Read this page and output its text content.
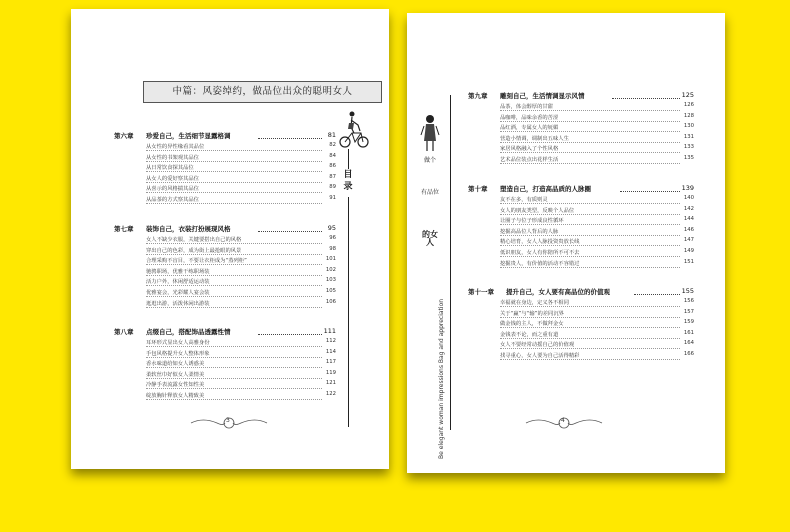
中篇：风姿绰约，做品位出众的聪明女人
第六章 珍爱自己，生活细节显露格调	81
从女性的异性缘看其品位	82
从女性的书架观其品位	84
从日常饮食探其品位	86
从女人的爱好察其品位	87
从喜示的风格揣其品位	89
从品茶的方式察其品位	91
第七章 装饰自己，衣装打扮展现风格	95
女人不缺少衣服，关键要搭出自己的风格	96
穿出自己的色彩，成为街上最抢眼的风景	98
合理采购不盲目，不要让衣柜成为“蒸列柜”	101
驰骋职场，优雅干练职场装	102
活力户外，休闲舒适运动装	103
优雅宴会，光彩耀人宴会装	105
逛逛出游，活泼休闲出游装	106
第八章 点缀自己，搭配饰品透露性情	111
耳环形式显出女人高雅身份	112
手包风格提升女人整体形象	114
香水味道给如女人诱惑美	117
柔软丝巾好似女人柔情美	119
冷静手表流露女性知性美	121
绽放胸针释放女人精致美	122
目录
3
做个
有品位
的女人
Be elegant woman impressions Bag and appreciation
第九章 雕刻自己，生活情调显示风情	125
品茶，体会醇厚的甘甜	126
品咖啡，品味余香的苦涩	128
品红酒，专属女人的妩媚	130
营造小情调，调制出五味人生	131
家居风格融入了个性风格	133
艺术品位装点出花样生活	135
第十章 塑造自己，打造高品质的人脉圈	139
友不在多，有质则灵	140
女人的朋友类型，反映个人品位	142
让圈子与位子形成良性循环	144
挖掘高品位人背后的人脉	146
精心培育，女人人脉投资贵放长线	147
低识朋友，女人有你陪所不可不去	149
挖掘贵人，有价值的活动不容错过	151
第十一章 提升自己，女人要有高品位的价值观	155
幸福就在身边，定义各不相同	156
关于“赢”与“输”的差同沉界	157
做金钱的主人，不做拜金女	159
金钱表不论，而之重有道	161
女人不要经常动摇自己的价值观	164
找寻重心，女人要为自己活得精彩	166
4
